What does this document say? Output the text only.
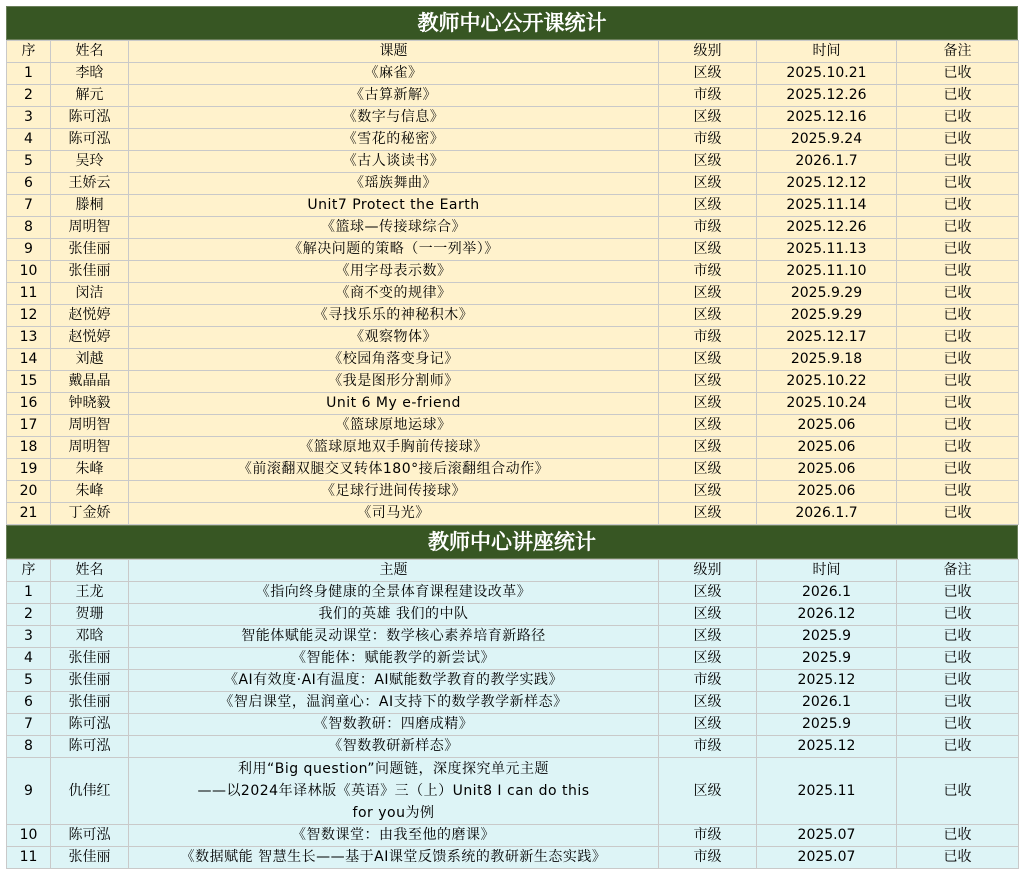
教师中心公开课统计
序	姓名	课题	级别	时间	备注
1	李晗	《麻雀》	区级	2025.10.21	已收
2	解元	《古算新解》	市级	2025.12.26	已收
3	陈可泓	《数字与信息》	区级	2025.12.16	已收
4	陈可泓	《雪花的秘密》	市级	2025.9.24	已收
5	吴玲	《古人谈读书》	区级	2026.1.7	已收
6	王娇云	《瑶族舞曲》	区级	2025.12.12	已收
7	滕桐	Unit7 Protect the Earth	区级	2025.11.14	已收
8	周明智	《篮球—传接球综合》	市级	2025.12.26	已收
9	张佳丽	《解决问题的策略（一一列举）》	区级	2025.11.13	已收
10	张佳丽	《用字母表示数》	市级	2025.11.10	已收
11	闵洁	《商不变的规律》	区级	2025.9.29	已收
12	赵悦婷	《寻找乐乐的神秘积木》	区级	2025.9.29	已收
13	赵悦婷	《观察物体》	市级	2025.12.17	已收
14	刘越	《校园角落变身记》	区级	2025.9.18	已收
15	戴晶晶	《我是图形分割师》	区级	2025.10.22	已收
16	钟晓毅	Unit 6 My e-friend	区级	2025.10.24	已收
17	周明智	《篮球原地运球》	区级	2025.06	已收
18	周明智	《篮球原地双手胸前传接球》	区级	2025.06	已收
19	朱峰	《前滚翻双腿交叉转体180°接后滚翻组合动作》	区级	2025.06	已收
20	朱峰	《足球行进间传接球》	区级	2025.06	已收
21	丁金娇	《司马光》	区级	2026.1.7	已收
教师中心讲座统计
序	姓名	主题	级别	时间	备注
1	王龙	《指向终身健康的全景体育课程建设改革》	区级	2026.1	已收
2	贺珊	我们的英雄 我们的中队	区级	2026.12	已收
3	邓晗	智能体赋能灵动课堂：数学核心素养培育新路径	区级	2025.9	已收
4	张佳丽	《智能体：赋能教学的新尝试》	区级	2025.9	已收
5	张佳丽	《AI有效度·AI有温度：AI赋能数学教育的教学实践》	市级	2025.12	已收
6	张佳丽	《智启课堂，温润童心：AI支持下的数学教学新样态》	区级	2026.1	已收
7	陈可泓	《智数教研：四磨成精》	区级	2025.9	已收
8	陈可泓	《智数教研新样态》	市级	2025.12	已收
9	仇伟红	利用“Big question”问题链，深度探究单元主题
——以2024年译林版《英语》三（上）Unit8 I can do this
for you为例	区级	2025.11	已收
10	陈可泓	《智数课堂：由我至他的磨课》	市级	2025.07	已收
11	张佳丽	《数据赋能 智慧生长——基于AI课堂反馈系统的教研新生态实践》	市级	2025.07	已收
